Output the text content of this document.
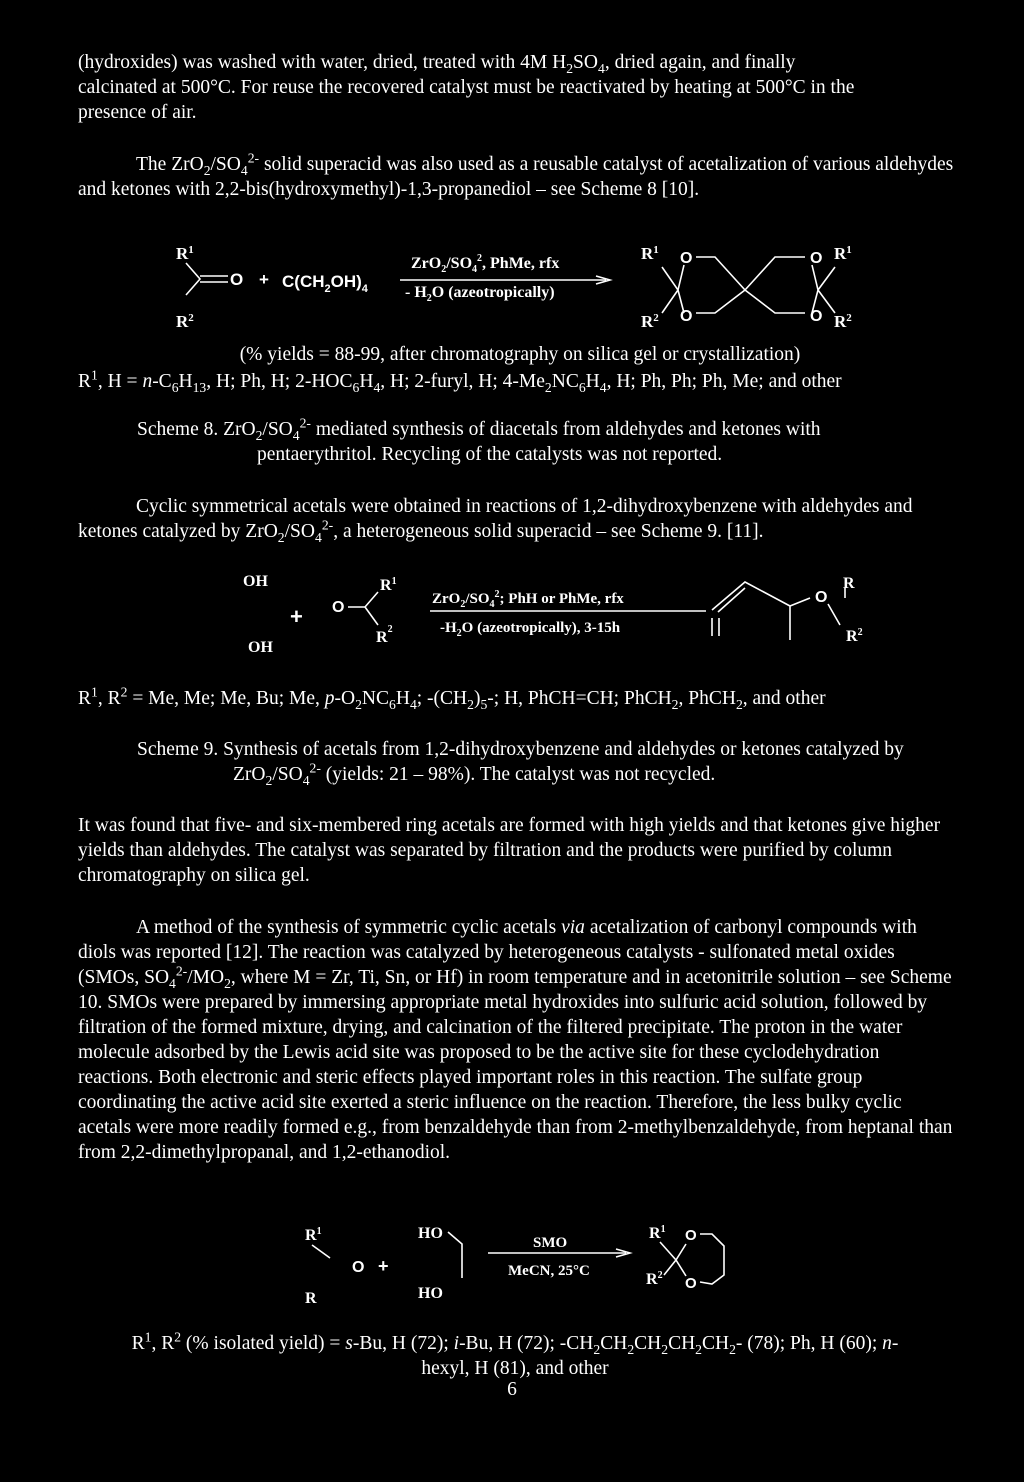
(hydroxides) was washed with water, dried, treated with 4M $H_2SO_4$, dried again, and finally
calcinated at 500°C. For reuse the recovered catalyst must be reactivated by heating at 500°C in the
presence of air.

The $ZrO_2/SO_4^{2-}$ solid superacid was also used as a reusable catalyst of acetalization of various aldehydes and ketones with 2,2-bis(hydroxymethyl)-1,3-propanediol – see Scheme 8 [10].

$R^1$
O
$R^2$
+ $C(CH_2OH)_4$
$ZrO_2/SO_4^2$, PhMe, rfx
- $H_2O$ (azeotropically)
$R^1$
$R^2$
O
O
O
O
$R^1$
$R^2$

(% yields = 88-99, after chromatography on silica gel or crystallization)

$R^1$, $H = n-C_6H_{13}$, H; Ph, H; $2-HOC_6H_4$, H; 2-furyl, H; $4-Me_2NC_6H_4$, H; Ph, Ph; Ph, Me; and other

Scheme 8. $ZrO_2/SO_4^{2-}$ mediated synthesis of diacetals from aldehydes and ketones with
pentaerythritol. Recycling of the catalysts was not reported.

Cyclic symmetrical acetals were obtained in reactions of 1,2-dihydroxybenzene with aldehydes and ketones catalyzed by $ZrO_2/SO_4^{2-}$, a heterogeneous solid superacid – see Scheme 9. [11].

OH
OH
+ O
$R^1$
$R^2$
$ZrO_2/SO_4^2$; PhH or PhMe, rfx
$-H_2O$ (azeotropically), 3-15h
O
R
$R^2$

$R^1$, $R^2 = Me$, Me; Me, Bu; Me, $p-O_2NC_6H_4$; $-(CH_2)_5-$; H, PhCH=CH; PhCH$_2$, PhCH$_2$, and other

Scheme 9. Synthesis of acetals from 1,2-dihydroxybenzene and aldehydes or ketones catalyzed by
$ZrO_2/SO_4^{2-}$ (yields: 21 – 98%). The catalyst was not recycled.

It was found that five- and six-membered ring acetals are formed with high yields and that ketones give higher yields than aldehydes. The catalyst was separated by filtration and the products were purified by column chromatography on silica gel.

A method of the synthesis of symmetric cyclic acetals via acetalization of carbonyl compounds with diols was reported [12]. The reaction was catalyzed by heterogeneous catalysts - sulfonated metal oxides (SMOs, $SO_4^{2-}/MO_2$, where M = Zr, Ti, Sn, or Hf) in room temperature and in acetonitrile solution – see Scheme 10. SMOs were prepared by immersing appropriate metal hydroxides into sulfuric acid solution, followed by filtration of the formed mixture, drying, and calcination of the filtered precipitate. The proton in the water molecule adsorbed by the Lewis acid site was proposed to be the active site for these cyclodehydration reactions. Both electronic and steric effects played important roles in this reaction. The sulfate group coordinating the active acid site exerted a steric influence on the reaction. Therefore, the less bulky cyclic acetals were more readily formed e.g., from benzaldehyde than from 2-methylbenzaldehyde, from heptanal than from 2,2-dimethylpropanal, and 1,2-ethanodiol.

$R^1$
R
O +
HO
HO
SMO
MeCN, 25°C
$R^1$
$R^2$
O
O

$R^1$, $R^2$ (% isolated yield) = s-Bu, H (72); i-Bu, H (72); $-CH_2CH_2CH_2CH_2CH_2-$ (78); Ph, H (60); n-
hexyl, H (81), and other

6
